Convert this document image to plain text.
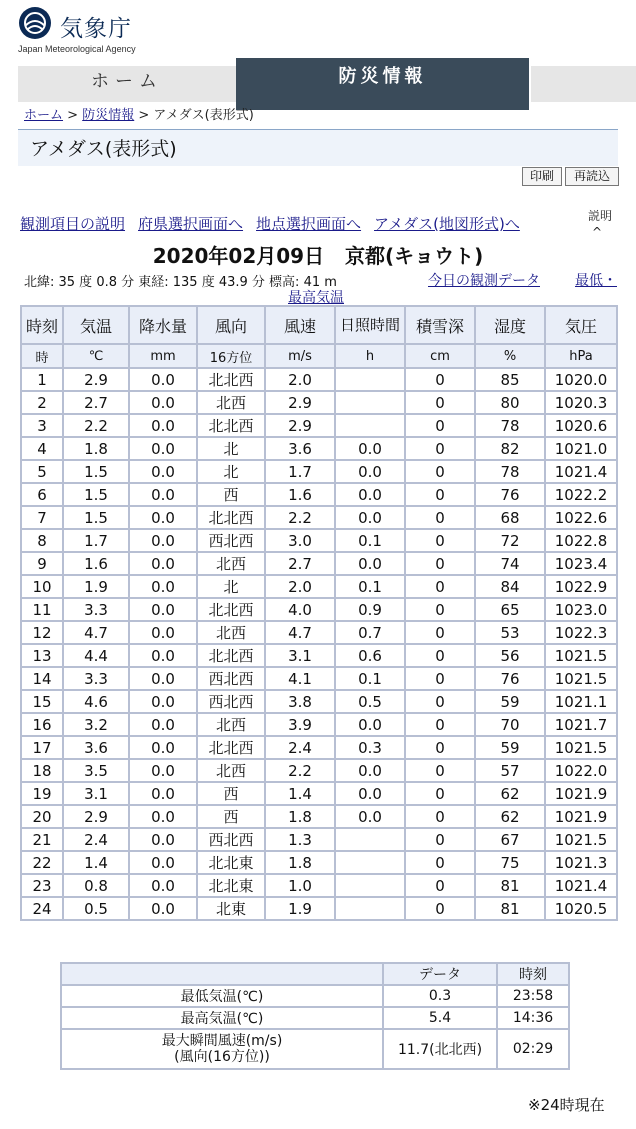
気象庁
Japan Meteorological Agency
ホーム	防災情報
ホーム > 防災情報 > アメダス(表形式)
アメダス(表形式)
印刷	再読込
観測項目の説明 府県選択画面へ 地点選択画面へ アメダス(地図形式)へ	説明
^
2020年02月09日 京都(キョウト)
北緯: 35 度 0.8 分 東経: 135 度 43.9 分 標高: 41 m	今日の観測データ	最低・
最高気温
時刻	気温	降水量	風向	風速	日照時間	積雪深	湿度	気圧
時	℃	mm	16方位	m/s	h	cm	%	hPa
1	2.9	0.0	北北西	2.0		0	85	1020.0
2	2.7	0.0	北西	2.9		0	80	1020.3
3	2.2	0.0	北北西	2.9		0	78	1020.6
4	1.8	0.0	北	3.6	0.0	0	82	1021.0
5	1.5	0.0	北	1.7	0.0	0	78	1021.4
6	1.5	0.0	西	1.6	0.0	0	76	1022.2
7	1.5	0.0	北北西	2.2	0.0	0	68	1022.6
8	1.7	0.0	西北西	3.0	0.1	0	72	1022.8
9	1.6	0.0	北西	2.7	0.0	0	74	1023.4
10	1.9	0.0	北	2.0	0.1	0	84	1022.9
11	3.3	0.0	北北西	4.0	0.9	0	65	1023.0
12	4.7	0.0	北西	4.7	0.7	0	53	1022.3
13	4.4	0.0	北北西	3.1	0.6	0	56	1021.5
14	3.3	0.0	西北西	4.1	0.1	0	76	1021.5
15	4.6	0.0	西北西	3.8	0.5	0	59	1021.1
16	3.2	0.0	北西	3.9	0.0	0	70	1021.7
17	3.6	0.0	北北西	2.4	0.3	0	59	1021.5
18	3.5	0.0	北西	2.2	0.0	0	57	1022.0
19	3.1	0.0	西	1.4	0.0	0	62	1021.9
20	2.9	0.0	西	1.8	0.0	0	62	1021.9
21	2.4	0.0	西北西	1.3		0	67	1021.5
22	1.4	0.0	北北東	1.8		0	75	1021.3
23	0.8	0.0	北北東	1.0		0	81	1021.4
24	0.5	0.0	北東	1.9		0	81	1020.5
	データ	時刻
最低気温(℃)	0.3	23:58
最高気温(℃)	5.4	14:36

最大瞬間風速(m/s)
(風向(16方位))	11.7(北北西)	02:29
※24時現在
